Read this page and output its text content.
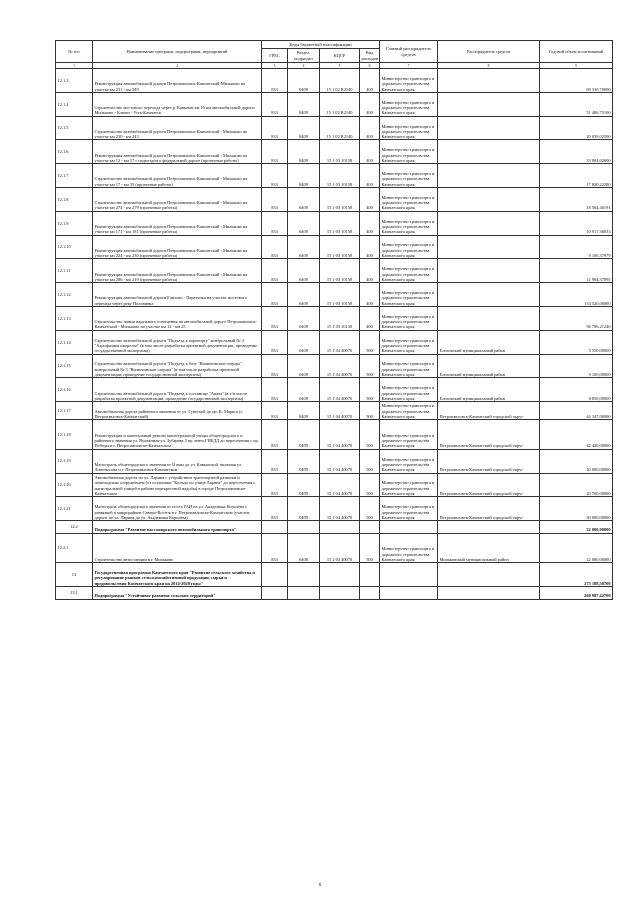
№ п/п	Наименование программ, подпрограмм, мероприятий	Коды бюджетной классификации				Главный распорядитель средств	Распорядитель средств	Годовой объем ассигнований
		ГРБС	Раздел, подраздел	КЦСР	Вид расходов			
1	2	3	4	5	6	7	8	9
12.1.3	Реконструкция автомобильной дороги Петропавловск-Камчатский-Мильково на участке км 231 - км 249	833	0409	15 1 02 R2140	400	Министерство транспорта и дорожного строительства Камчатского края		69 330,70000
12.1.4	Строительство мостового перехода через р. Кавычан км 16 км автомобильной дороги Мильково - Ключи - Усть-Камчатск	833	0409	15 1 02 R2140	400	Министерство транспорта и дорожного строительства Камчатского края		51 486,75100
12.1.5	Строительство автомобильной дороги Петропавловск-Камчатский - Мильково на участке км 230 - км 243	833	0409	15 1 02 R2140	400	Министерство транспорта и дорожного строительства Камчатского края		20 039,02500
12.1.6	Реконструкция автомобильной дороги Петропавловск-Камчатский - Мильково на участке км 12 - км 17 с подъездом к федеральной дороге (проектные работы)	833	0409	15 1 03 10130	400	Министерство транспорта и дорожного строительства Камчатского края		33 804,02600
12.1.7	Строительство автомобильной дороги Петропавловск-Камчатский - Мильково на участке км 17 - км 35 (проектные работы)	833	0409	15 1 03 10130	400	Министерство транспорта и дорожного строительства Камчатского края		17 820,22280
12.1.8	Строительство автомобильной дороги Петропавловск-Камчатский - Мильково на участке км 274 - км 279 (проектные работы)	833	0409	15 1 03 10130	400	Министерство транспорта и дорожного строительства Камчатского края		18 564,46191
12.1.9	Реконструкция автомобильной дороги Петропавловск-Камчатский - Мильково на участке км 171 - км 181 (проектные работы)	833	0409	15 1 03 10130	400	Министерство транспорта и дорожного строительства Камчатского края		10 917,36033
12.1.10	Реконструкция автомобильной дороги Петропавловск-Камчатский - Мильково на участке км 224 - км 230 (проектные работы)	833	0409	15 1 03 10130	400	Министерство транспорта и дорожного строительства Камчатского края		9 106,37979
12.1.11	Реконструкция автомобильной дороги Петропавловск-Камчатский - Мильково на участке км 286 - км 219 (проектные работы)	833	0409	15 1 03 10130	400	Министерство транспорта и дорожного строительства Камчатского края		11 984,37895
12.1.12	Реконструкция автомобильной дороги Елизово - Паратунка на участке мостового перехода через реку Половинка	833	0409	15 1 03 10130	400	Министерство транспорта и дорожного строительства Камчатского края		134 520,00000
12.1.13	Строительство линии наружного освещения на автомобильной дороге Петропавловск-Камчатский - Мильково на участке км 12 - км 25	833	0409	15 1 03 10130	400	Министерство транспорта и дорожного строительства Камчатского края		56 706,21240
12.1.14	Строительство автомобильной дороги "Подъезд к аэропорту" контрольный № 3 "Аэрофизика ожерелье" (в том числе разработка проектной документации, проведение государственной экспертизы)	833	0409	15 1 04 40070	500	Министерство транспорта и дорожного строительства Камчатского края	Елизовский муниципальный район	5 550,00000
12.1.15	Строительство автомобильной дороги "Подъезд к базе "Вилючинские озерцы" контрольный № 3 "Вилючинские озерцы" (в том числе разработка проектной документации, проведение государственной экспертизы)	833	0409	15 1 04 40070	500	Министерство транспорта и дорожного строительства Камчатского края	Елизовский муниципальный район	9 100,00000
12.1.16	Строительство автомобильной дороги "Подъезд к гостинице "Авача" (в т/и числе разработка проектной документации, проведение государственной экспертизы)	833	0409	15 1 04 40070	500	Министерство транспорта и дорожного строительства Камчатского края	Елизовский муниципальный район	8 850,00000
12.1.17	Автомобильная дорога районного значения от ул. Гувеской до пр. К. Маркса (г. Петропавловск-Камчатский)	833	0409	15 1 04 40070	500	Министерство транспорта и дорожного строительства Камчатского края	Петропавловск-Камчатский городской округ	44 347,00000
12.1.18	Реконструкция и капитальный ремонт магистральной улицы общегородского и районного значения ул. Вулканная-ул. Зубарева 5 пр лента ГИБДД до пересечения с пр. Победы в г. Петропавловске-Камчатском	833	0409	15 1 04 40070	500	Министерство транспорта и дорожного строительства Камчатского края	Петропавловск-Камчатский городской округ	42 420,00000
12.1.19	Магистраль общегородского значения от II ямы до ул. Кавказской, включая ул. Ломоносова и г. Петропавловск-Камчатском	833	0409	15 1 04 40070	500	Министерство транспорта и дорожного строительства Камчатского края	Петропавловск-Камчатский городской округ	40 000,00000
12.1.20	Автомобильная дорога по ул. Ларина с устройством транспортной развязки и пешеходным сооружением (от остановки "Кольцо по улице Ларина" до пересечения с магистральной улицей в районе перекрестной надобы) в городе Петропавловске-Камчатском	833	0409	15 1 04 40070	500	Министерство транспорта и дорожного строительства Камчатского края	Петропавловск-Камчатский городской округ	20 700,00000
12.1.21	Магистраль общегородского значения от поста ГАИ на ул. Академика Королёва с развязкой в микрорайоне Северо-Восток в г. Петропавловске-Камчатском (участок дороги по ул. Ларина до ул. Академика Королёва)	833	0409	15 1 04 40070	500	Министерство транспорта и дорожного строительства Камчатского края	Петропавловск-Камчатский городской округ	30 000,00000
12.2	Подпрограмма "Развитие пассажирского автомобильного транспорта"							22 000,00000
12.2.1	Строительство автостанции в г. Мильково	833	0408	15 2 03 40070	500	Министерство транспорта и дорожного строительства Камчатского края	Мильковский муниципальный район	22 000,00000
13	Государственная программа Камчатского края "Развитие сельского хозяйства и регулирование рынков сельскохозяйственной продукции, сырья и продовольствия Камчатского края на 2014-2020 годы"							275 188,50700
13.1	Подпрограмма "Устойчивое развитие сельских территорий"							260 987,42700
6
